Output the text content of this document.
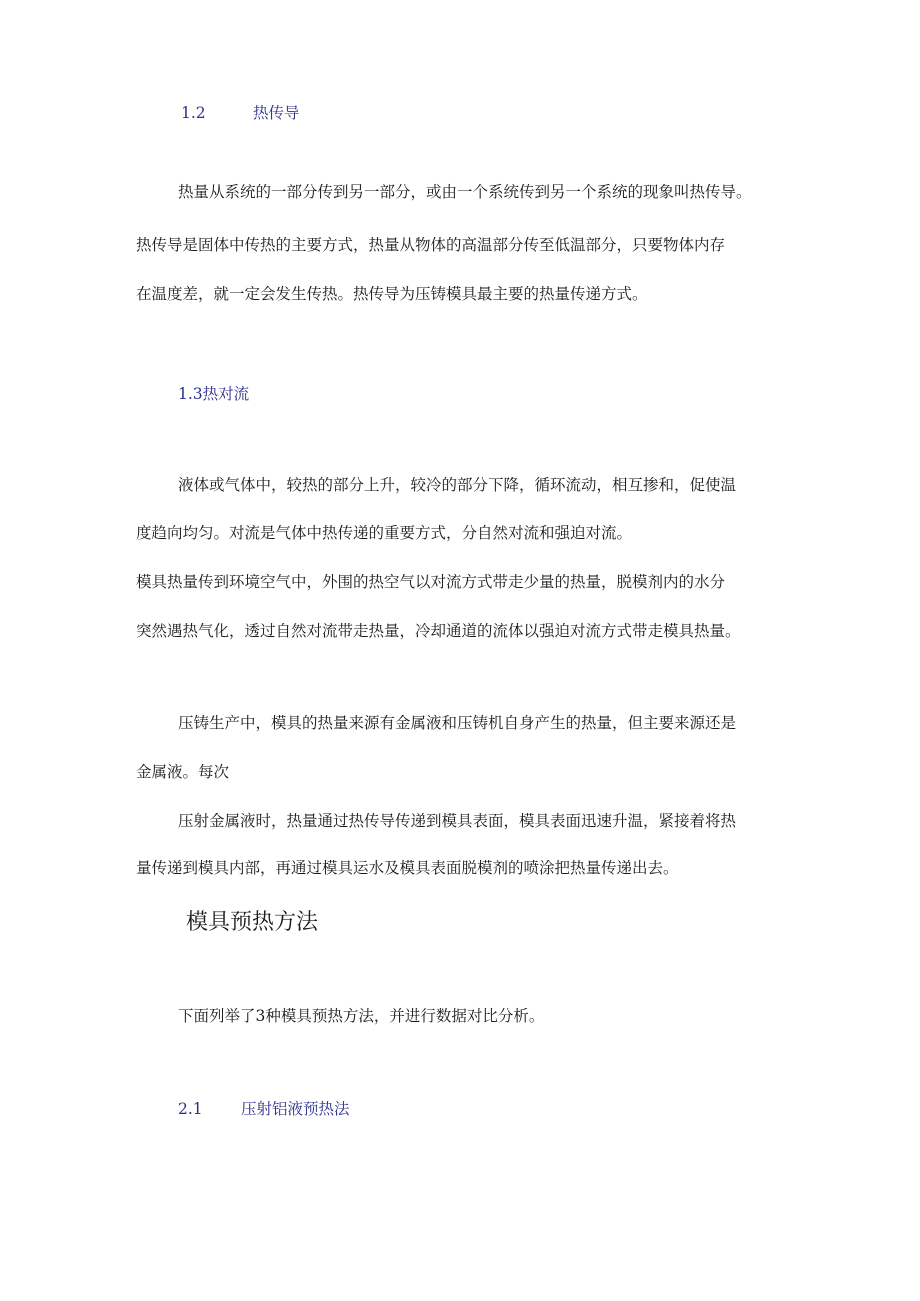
1.2	热传导
热量从系统的一部分传到另一部分，或由一个系统传到另一个系统的现象叫热传导。
热传导是固体中传热的主要方式，热量从物体的高温部分传至低温部分，只要物体内存
在温度差，就一定会发生传热。热传导为压铸模具最主要的热量传递方式。
1.3热对流
液体或气体中，较热的部分上升，较冷的部分下降，循环流动，相互掺和，促使温
度趋向均匀。对流是气体中热传递的重要方式，分自然对流和强迫对流。
模具热量传到环境空气中，外围的热空气以对流方式带走少量的热量，脱模剂内的水分
突然遇热气化，透过自然对流带走热量，冷却通道的流体以强迫对流方式带走模具热量。
压铸生产中，模具的热量来源有金属液和压铸机自身产生的热量，但主要来源还是
金属液。每次
压射金属液时，热量通过热传导传递到模具表面，模具表面迅速升温，紧接着将热
量传递到模具内部，再通过模具运水及模具表面脱模剂的喷涂把热量传递出去。
模具预热方法
下面列举了3种模具预热方法，并进行数据对比分析。
2.1 压射铝液预热法
